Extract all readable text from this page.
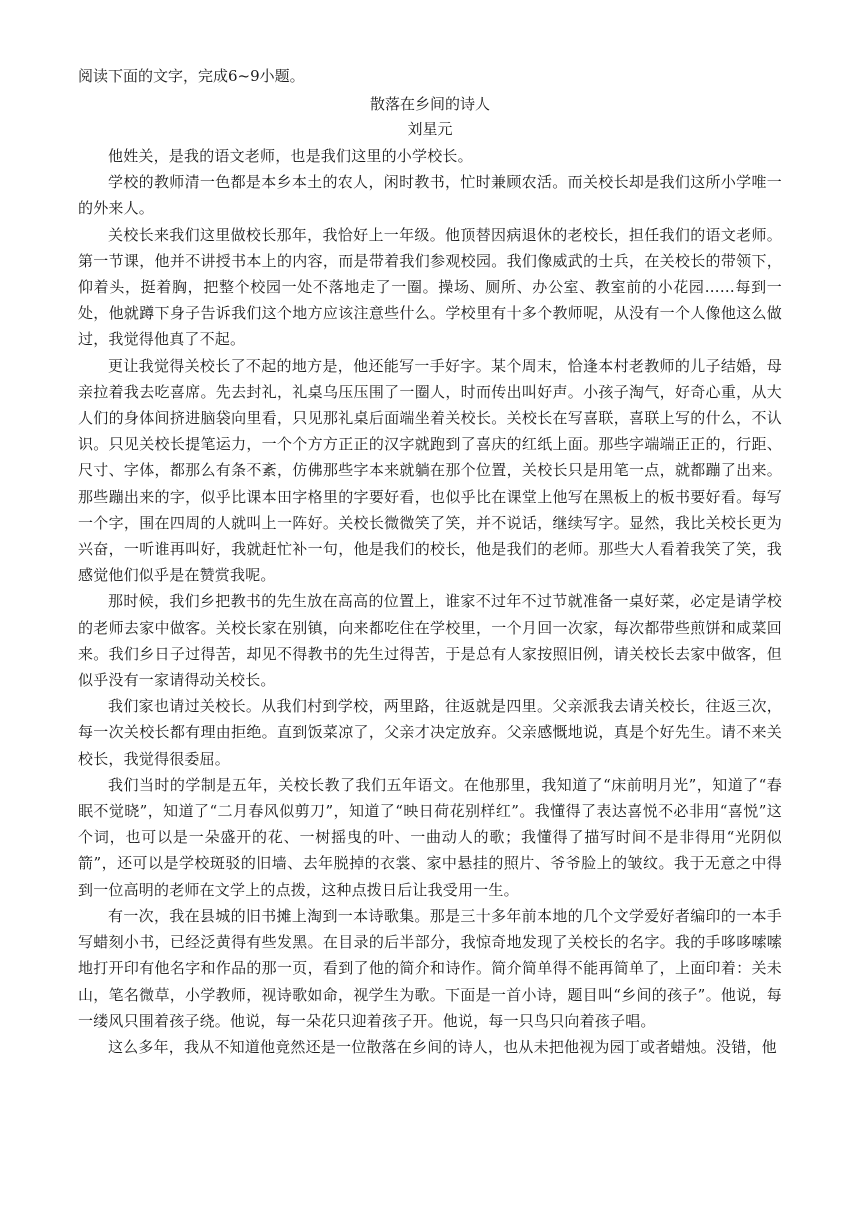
阅读下面的文字，完成6~9小题。

散落在乡间的诗人

刘星元

他姓关，是我的语文老师，也是我们这里的小学校长。

学校的教师清一色都是本乡本土的农人，闲时教书，忙时兼顾农活。而关校长却是我们这所小学唯一的外来人。

关校长来我们这里做校长那年，我恰好上一年级。他顶替因病退休的老校长，担任我们的语文老师。第一节课，他并不讲授书本上的内容，而是带着我们参观校园。我们像威武的士兵，在关校长的带领下，仰着头，挺着胸，把整个校园一处不落地走了一圈。操场、厕所、办公室、教室前的小花园……每到一处，他就蹲下身子告诉我们这个地方应该注意些什么。学校里有十多个教师呢，从没有一个人像他这么做过，我觉得他真了不起。

更让我觉得关校长了不起的地方是，他还能写一手好字。某个周末，恰逢本村老教师的儿子结婚，母亲拉着我去吃喜席。先去封礼，礼桌乌压压围了一圈人，时而传出叫好声。小孩子淘气，好奇心重，从大人们的身体间挤进脑袋向里看，只见那礼桌后面端坐着关校长。关校长在写喜联，喜联上写的什么，不认识。只见关校长提笔运力，一个个方方正正的汉字就跑到了喜庆的红纸上面。那些字端端正正的，行距、尺寸、字体，都那么有条不紊，仿佛那些字本来就躺在那个位置，关校长只是用笔一点，就都蹦了出来。那些蹦出来的字，似乎比课本田字格里的字要好看，也似乎比在课堂上他写在黑板上的板书要好看。每写一个字，围在四周的人就叫上一阵好。关校长微微笑了笑，并不说话，继续写字。显然，我比关校长更为兴奋，一听谁再叫好，我就赶忙补一句，他是我们的校长，他是我们的老师。那些大人看着我笑了笑，我感觉他们似乎是在赞赏我呢。

那时候，我们乡把教书的先生放在高高的位置上，谁家不过年不过节就准备一桌好菜，必定是请学校的老师去家中做客。关校长家在别镇，向来都吃住在学校里，一个月回一次家，每次都带些煎饼和咸菜回来。我们乡日子过得苦，却见不得教书的先生过得苦，于是总有人家按照旧例，请关校长去家中做客，但似乎没有一家请得动关校长。

我们家也请过关校长。从我们村到学校，两里路，往返就是四里。父亲派我去请关校长，往返三次，每一次关校长都有理由拒绝。直到饭菜凉了，父亲才决定放弃。父亲感慨地说，真是个好先生。请不来关校长，我觉得很委屈。

我们当时的学制是五年，关校长教了我们五年语文。在他那里，我知道了“床前明月光”，知道了“春眠不觉晓”，知道了“二月春风似剪刀”，知道了“映日荷花别样红”。我懂得了表达喜悦不必非用“喜悦”这个词，也可以是一朵盛开的花、一树摇曳的叶、一曲动人的歌；我懂得了描写时间不是非得用“光阴似箭”，还可以是学校斑驳的旧墙、去年脱掉的衣裳、家中悬挂的照片、爷爷脸上的皱纹。我于无意之中得到一位高明的老师在文学上的点拨，这种点拨日后让我受用一生。

有一次，我在县城的旧书摊上淘到一本诗歌集。那是三十多年前本地的几个文学爱好者编印的一本手写蜡刻小书，已经泛黄得有些发黑。在目录的后半部分，我惊奇地发现了关校长的名字。我的手哆哆嗦嗦地打开印有他名字和作品的那一页，看到了他的简介和诗作。简介简单得不能再简单了，上面印着：关未山，笔名微草，小学教师，视诗歌如命，视学生为歌。下面是一首小诗，题目叫“乡间的孩子”。他说，每一缕风只围着孩子绕。他说，每一朵花只迎着孩子开。他说，每一只鸟只向着孩子唱。

这么多年，我从不知道他竟然还是一位散落在乡间的诗人，也从未把他视为园丁或者蜡烛。没错，他
